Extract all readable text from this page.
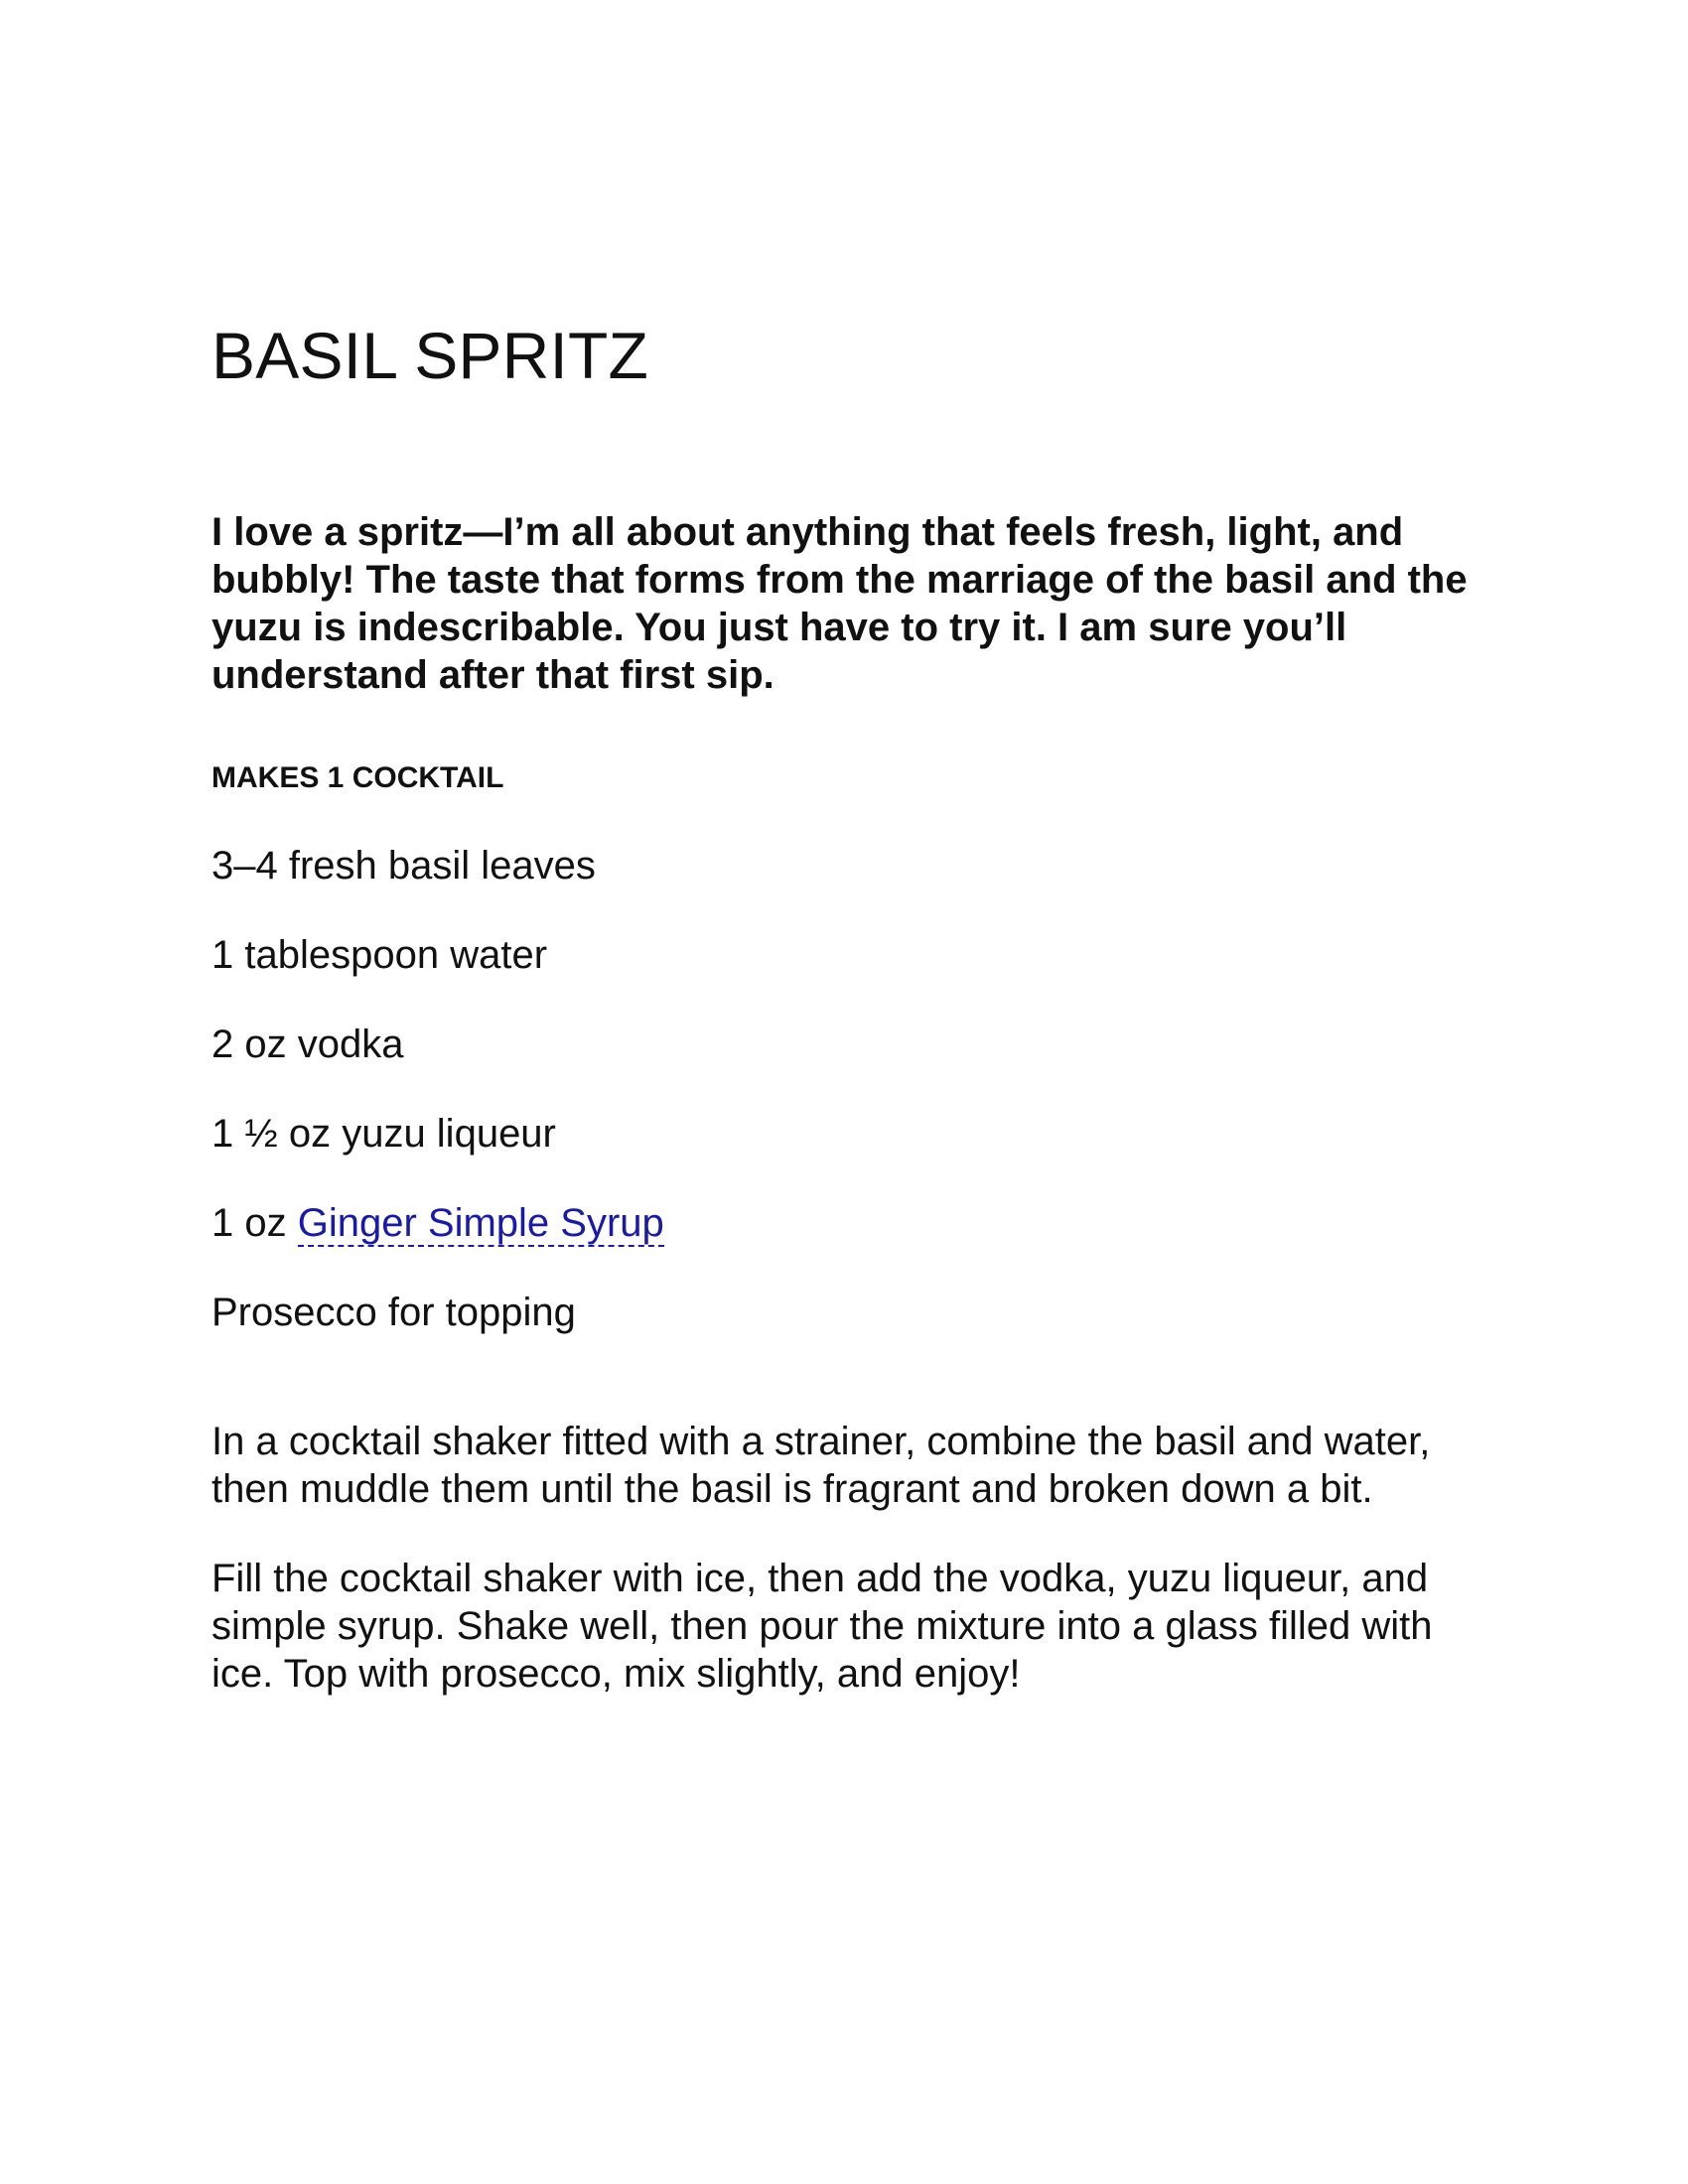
BASIL SPRITZ

I love a spritz—I’m all about anything that feels fresh, light, and bubbly! The taste that forms from the marriage of the basil and the yuzu is indescribable. You just have to try it. I am sure you’ll understand after that first sip.

MAKES 1 COCKTAIL

3–4 fresh basil leaves
1 tablespoon water
2 oz vodka
1 ½ oz yuzu liqueur
1 oz Ginger Simple Syrup
Prosecco for topping

In a cocktail shaker fitted with a strainer, combine the basil and water, then muddle them until the basil is fragrant and broken down a bit.

Fill the cocktail shaker with ice, then add the vodka, yuzu liqueur, and simple syrup. Shake well, then pour the mixture into a glass filled with ice. Top with prosecco, mix slightly, and enjoy!
